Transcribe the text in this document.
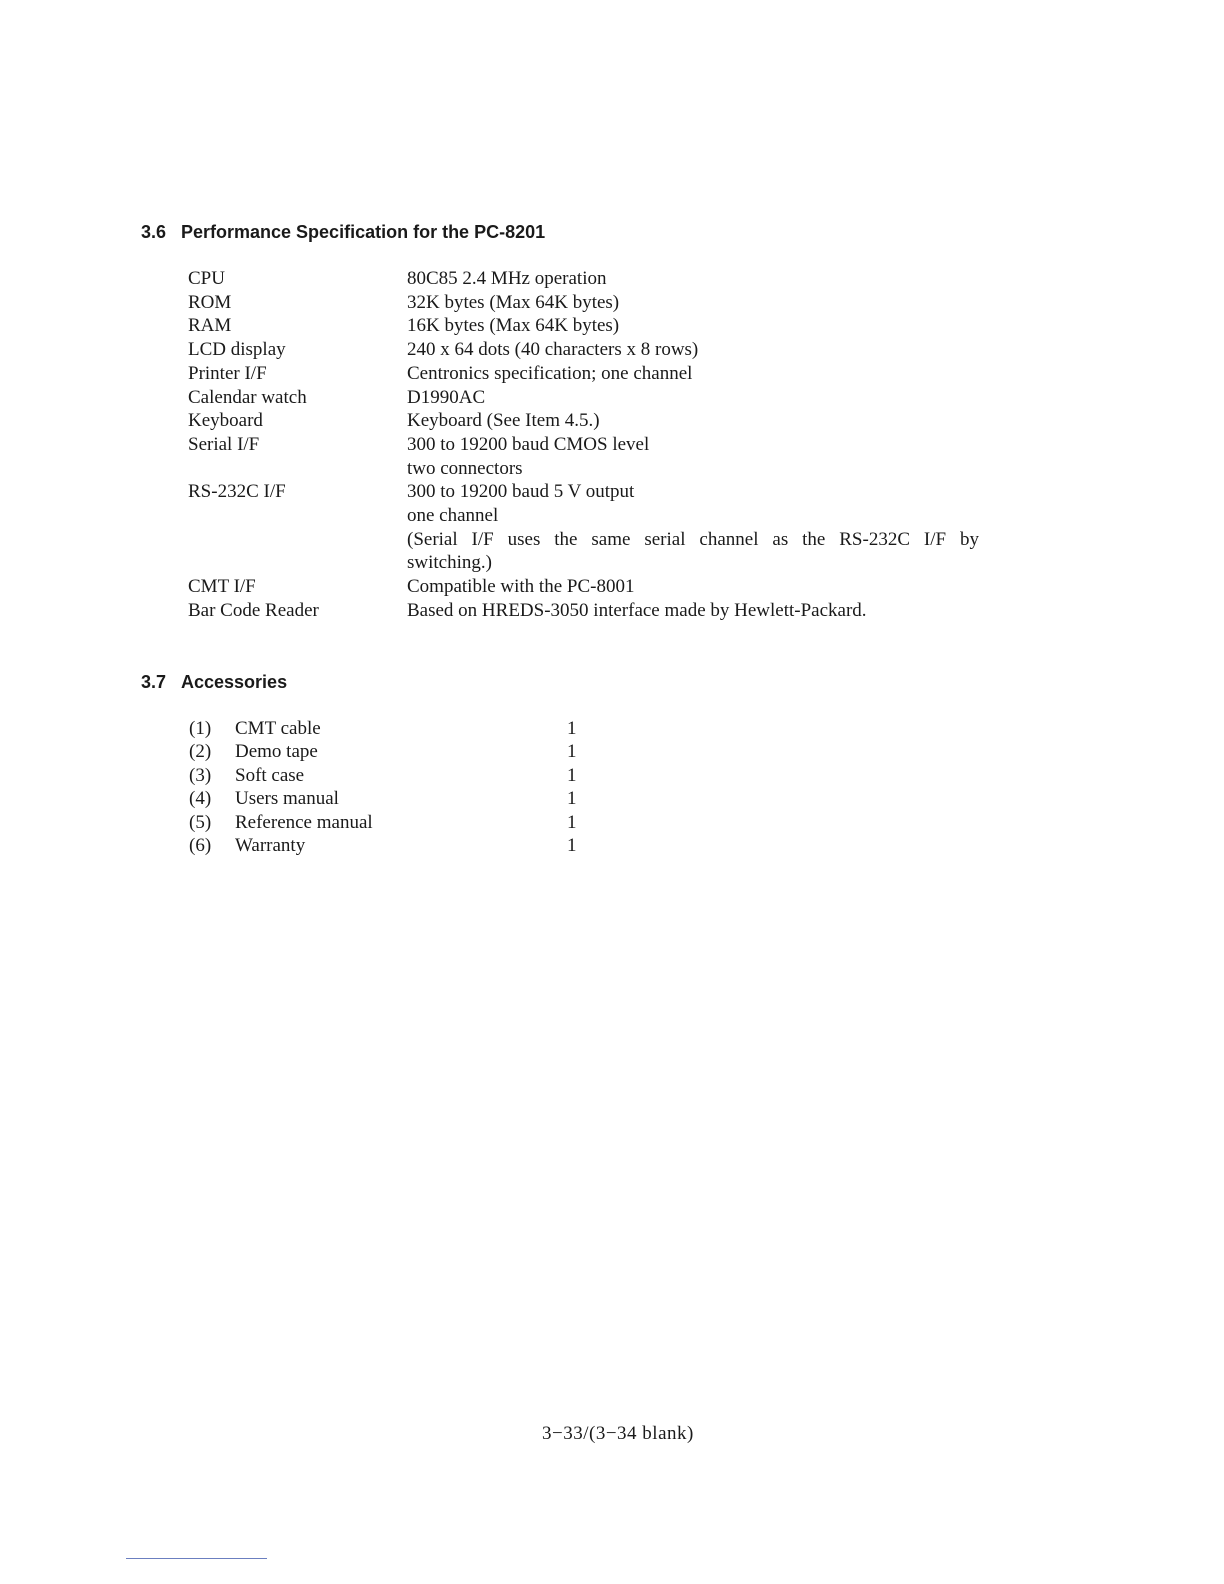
3.6 Performance Specification for the PC-8201
CPU	80C85 2.4 MHz operation
ROM	32K bytes (Max 64K bytes)
RAM	16K bytes (Max 64K bytes)
LCD display	240 x 64 dots (40 characters x 8 rows)
Printer I/F	Centronics specification; one channel
Calendar watch	D1990AC
Keyboard	Keyboard (See Item 4.5.)
Serial I/F	300 to 19200 baud CMOS level
two connectors
RS-232C I/F	300 to 19200 baud 5 V output
one channel
(Serial I/F uses the same serial channel as the RS-232C I/F by
switching.)
CMT I/F	Compatible with the PC-8001
Bar Code Reader	Based on HREDS-3050 interface made by Hewlett-Packard.
3.7 Accessories
(1)	CMT cable	1
(2)	Demo tape	1
(3)	Soft case	1
(4)	Users manual	1
(5)	Reference manual	1
(6)	Warranty	1
3−33/(3−34 blank)
